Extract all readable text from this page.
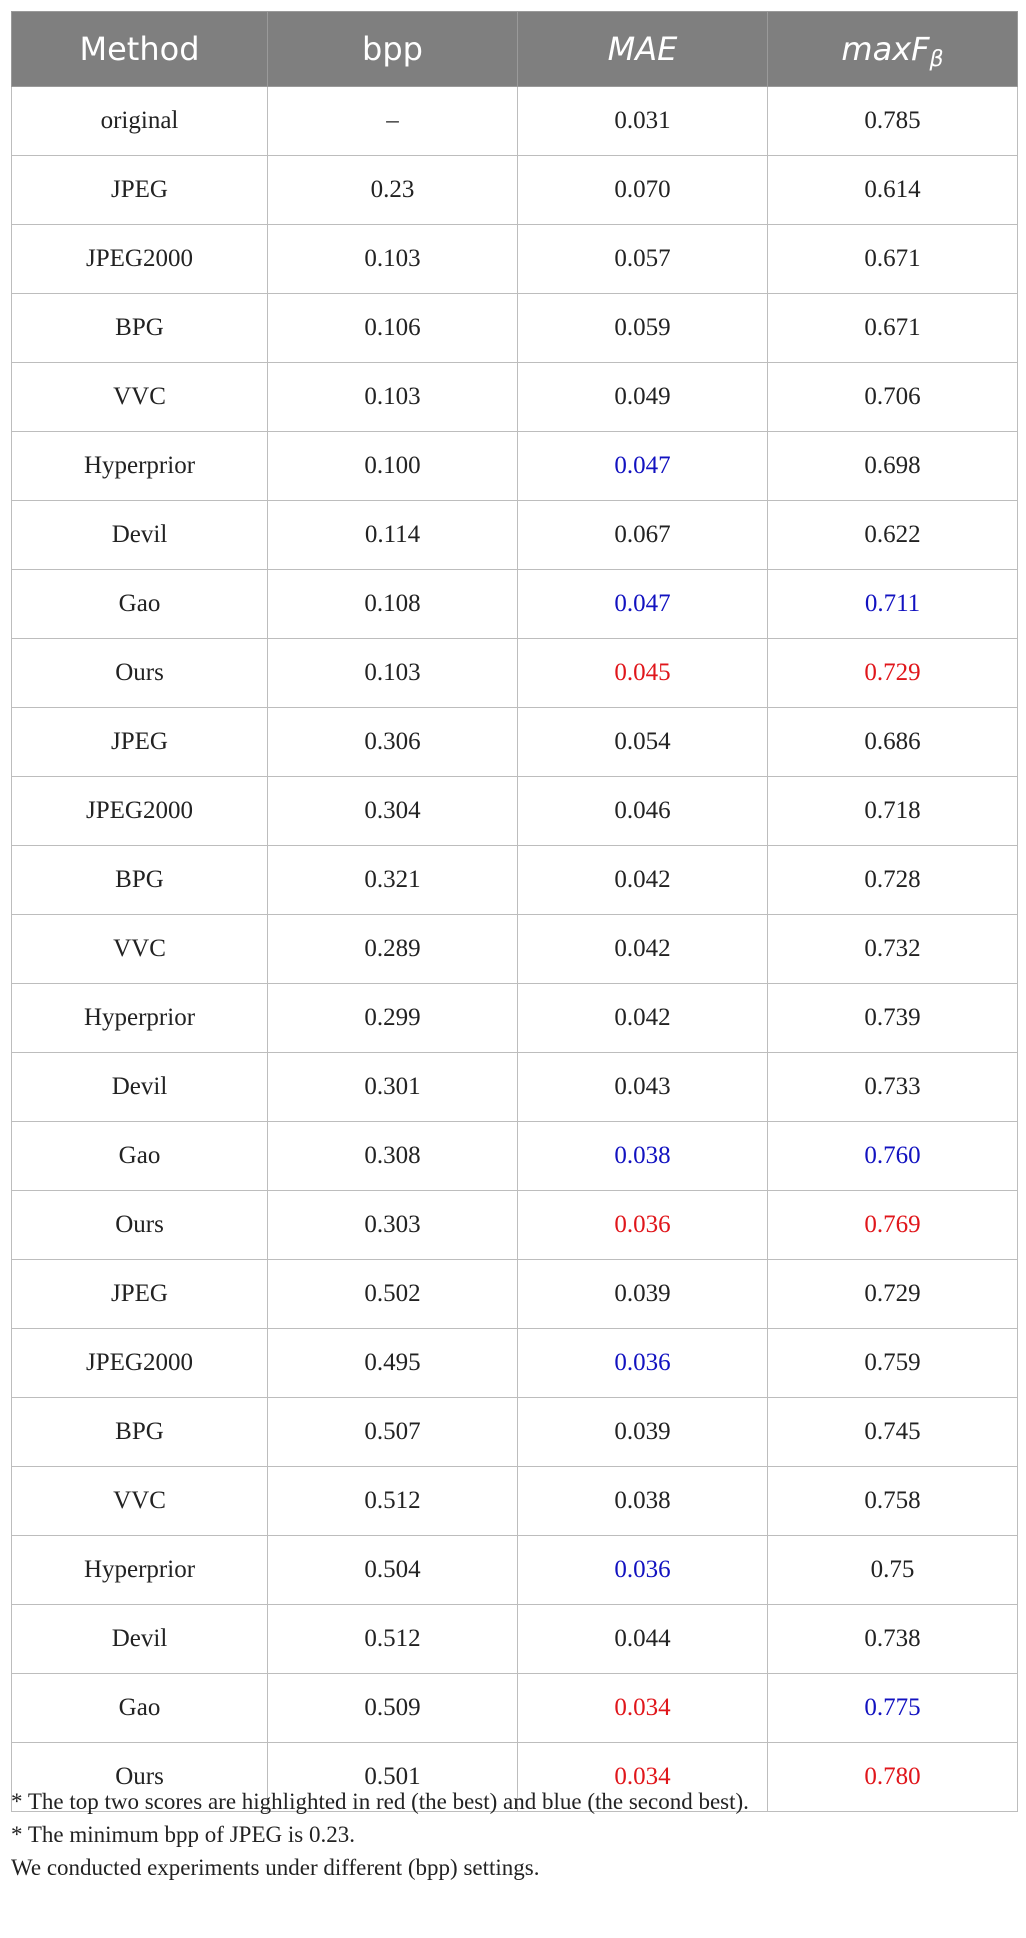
Method	bpp	MAE	maxF$_\beta$
original	–	0.031	0.785
JPEG	0.23	0.070	0.614
JPEG2000	0.103	0.057	0.671
BPG	0.106	0.059	0.671
VVC	0.103	0.049	0.706
Hyperprior	0.100	0.047	0.698
Devil	0.114	0.067	0.622
Gao	0.108	0.047	0.711
Ours	0.103	0.045	0.729
JPEG	0.306	0.054	0.686
JPEG2000	0.304	0.046	0.718
BPG	0.321	0.042	0.728
VVC	0.289	0.042	0.732
Hyperprior	0.299	0.042	0.739
Devil	0.301	0.043	0.733
Gao	0.308	0.038	0.760
Ours	0.303	0.036	0.769
JPEG	0.502	0.039	0.729
JPEG2000	0.495	0.036	0.759
BPG	0.507	0.039	0.745
VVC	0.512	0.038	0.758
Hyperprior	0.504	0.036	0.75
Devil	0.512	0.044	0.738
Gao	0.509	0.034	0.775
Ours	0.501	0.034	0.780
* The top two scores are highlighted in red (the best) and blue (the second best).
* The minimum bpp of JPEG is 0.23.
We conducted experiments under different (bpp) settings.
